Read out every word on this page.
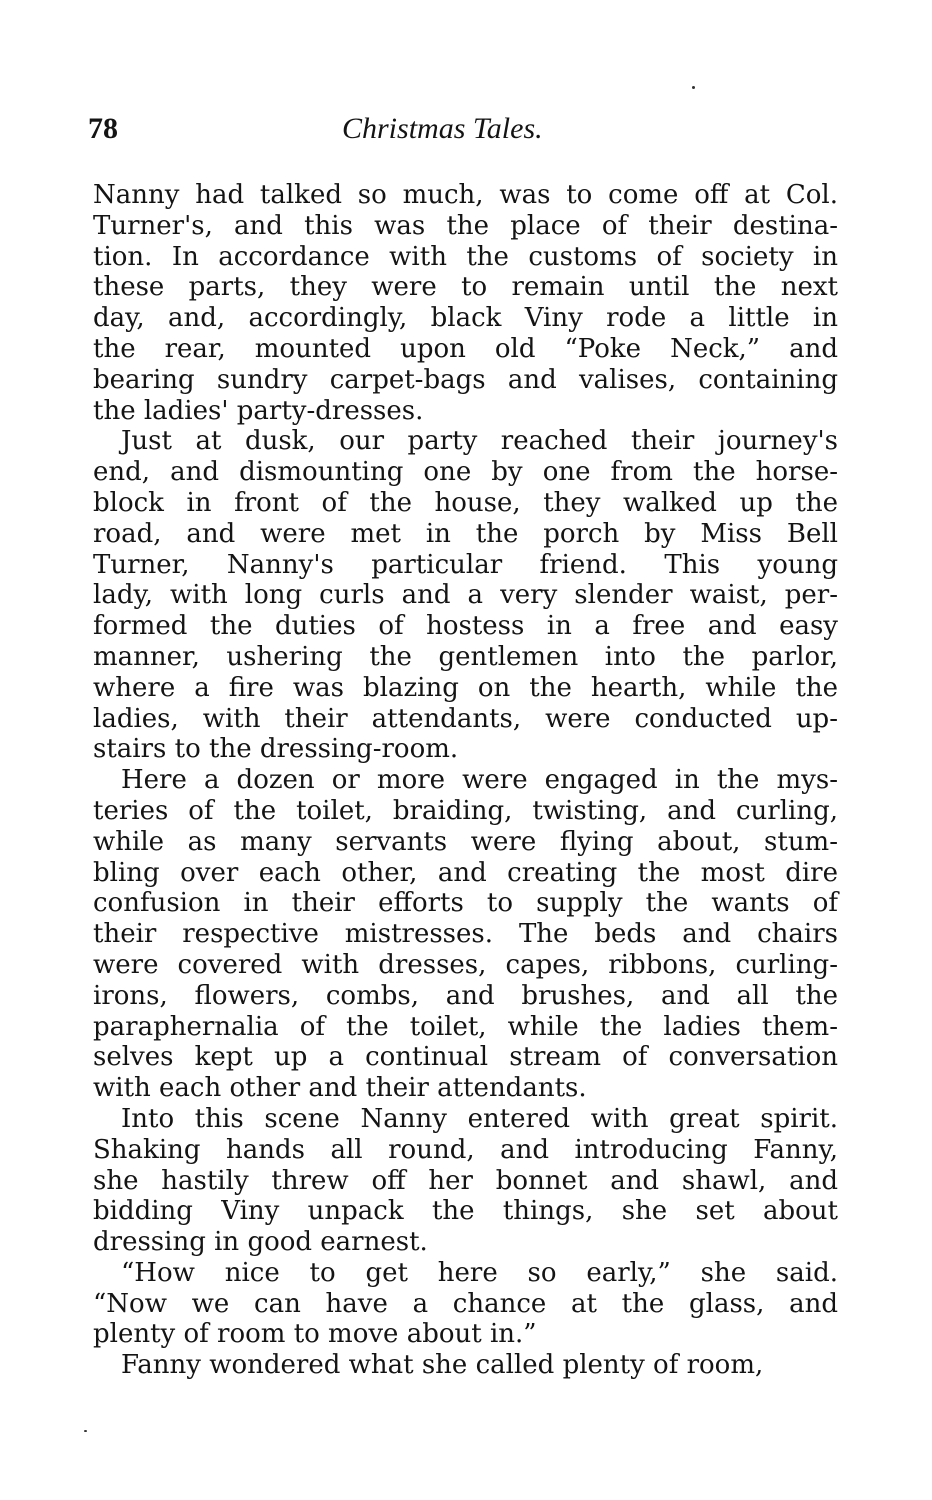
78	Christmas Tales.
Nanny had talked so much, was to come off at Col.
Turner's, and this was the place of their destina-
tion. In accordance with the customs of society in
these parts, they were to remain until the next
day, and, accordingly, black Viny rode a little in
the rear, mounted upon old “Poke Neck,” and
bearing sundry carpet-bags and valises, containing
the ladies' party-dresses.
Just at dusk, our party reached their journey's
end, and dismounting one by one from the horse-
block in front of the house, they walked up the
road, and were met in the porch by Miss Bell
Turner, Nanny's particular friend. This young
lady, with long curls and a very slender waist, per-
formed the duties of hostess in a free and easy
manner, ushering the gentlemen into the parlor,
where a fire was blazing on the hearth, while the
ladies, with their attendants, were conducted up-
stairs to the dressing-room.
Here a dozen or more were engaged in the mys-
teries of the toilet, braiding, twisting, and curling,
while as many servants were flying about, stum-
bling over each other, and creating the most dire
confusion in their efforts to supply the wants of
their respective mistresses. The beds and chairs
were covered with dresses, capes, ribbons, curling-
irons, flowers, combs, and brushes, and all the
paraphernalia of the toilet, while the ladies them-
selves kept up a continual stream of conversation
with each other and their attendants.
Into this scene Nanny entered with great spirit.
Shaking hands all round, and introducing Fanny,
she hastily threw off her bonnet and shawl, and
bidding Viny unpack the things, she set about
dressing in good earnest.
“How nice to get here so early,” she said.
“Now we can have a chance at the glass, and
plenty of room to move about in.”
Fanny wondered what she called plenty of room,
